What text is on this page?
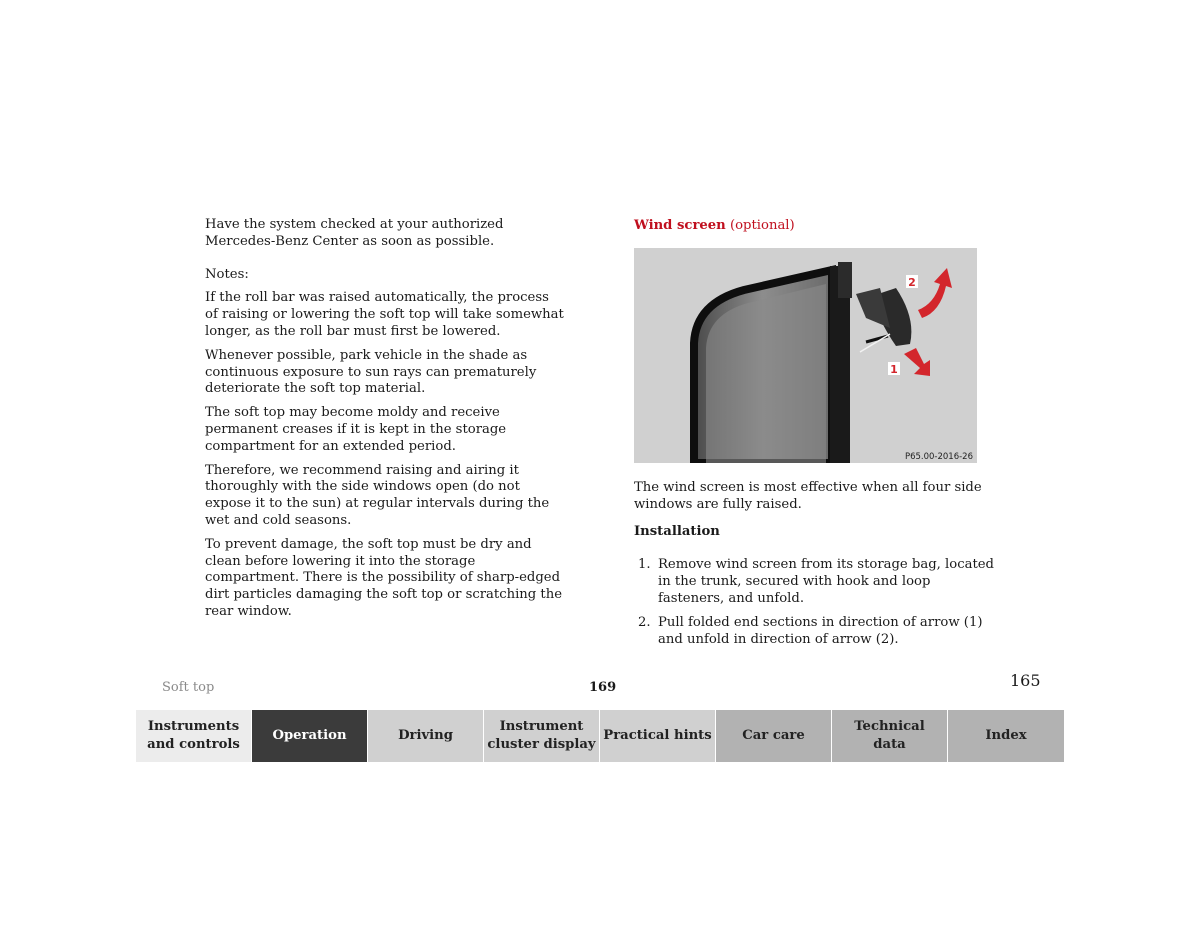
Have the system checked at your authorized Mercedes-Benz Center as soon as possible.

Notes:

If the roll bar was raised automatically, the process of raising or lowering the soft top will take somewhat longer, as the roll bar must first be lowered.

Whenever possible, park vehicle in the shade as continuous exposure to sun rays can prematurely deteriorate the soft top material.

The soft top may become moldy and receive permanent creases if it is kept in the storage compartment for an extended period.

Therefore, we recommend raising and airing it thoroughly with the side windows open (do not expose it to the sun) at regular intervals during the wet and cold seasons.

To prevent damage, the soft top must be dry and clean before lowering it into the storage compartment. There is the possibility of sharp-edged dirt particles damaging the soft top or scratching the rear window.

Wind screen (optional)

2
1
P65.00-2016-26

The wind screen is most effective when all four side windows are fully raised.

Installation
1. Remove wind screen from its storage bag, located in the trunk, secured with hook and loop fasteners, and unfold.
2. Pull folded end sections in direction of arrow (1) and unfold in direction of arrow (2).
Soft top	169	165
Instruments
and controls
Operation	Driving
Instrument
cluster display
Practical hints Car care
Technical
data
Index
